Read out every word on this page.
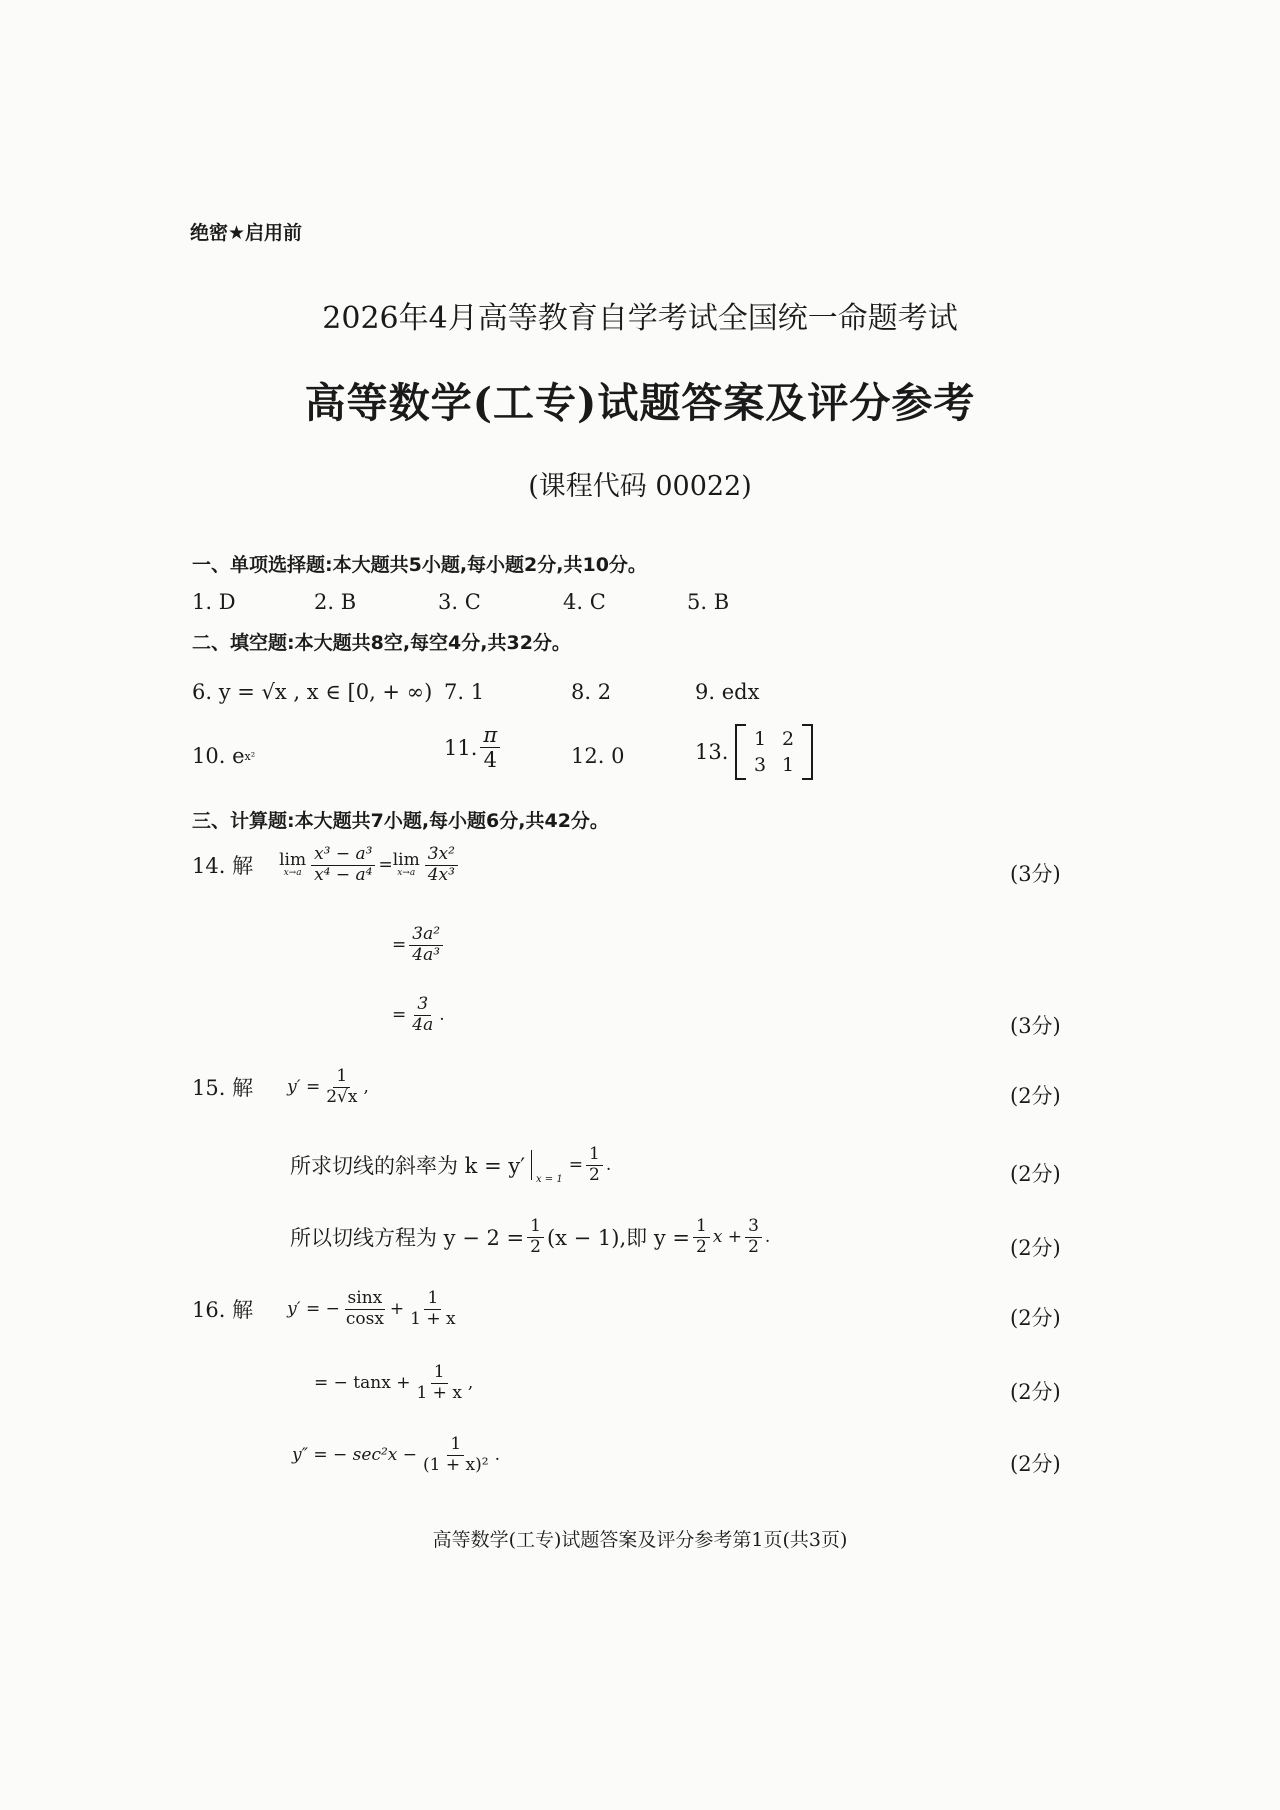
绝密★启用前
2026年4月高等教育自学考试全国统一命题考试
高等数学(工专)试题答案及评分参考
(课程代码 00022)
一、单项选择题:本大题共5小题,每小题2分,共10分。
1. D	2. B	3. C	4. C	5. B
二、填空题:本大题共8空,每空4分,共32分。
6. y = √x , x ∈ [0, + ∞) 7. 1	8. 2	9. edx
10.
e x²	11. $\frac{\pi}{4}$	12. 0	13.

1 2
3 1
三、计算题:本大题共7小题,每小题6分,共42分。
14. 解 lim
$x\to a \frac{\text{x³ − a³}}{\text{x⁴ − a⁴}} = \lim$
$x\to a \frac{\text{3x²}}{\text{4x³}}$	(3分)
= $\frac{\text{3a²}}{\text{4a³}}$
= $\frac{3}{4a}$ .	(3分)
15. 解 $y' = \frac{1}{2√x}$ ,	(2分)
所求切线的斜率为 k = y′
x = 1
= $\frac{1}{2}$ .	(2分)
所以切线方程为 $y - 2 = \frac{1}{2} (x - 1)$,即 $y = \frac{1}{2}$ $x + \frac{3}{2}$ .	(2分)
16. 解 y′ = − $\frac{\sin x}{\cos x} + \frac{1}{1 + x}$	(2分)
= − $\tan x + \frac{1}{1 + x}$ ,	(2分)
y″ = − $\sec^2x - \frac{1}{\text{(1 + x)²}}$ .	(2分)
高等数学(工专)试题答案及评分参考第1页(共3页)
